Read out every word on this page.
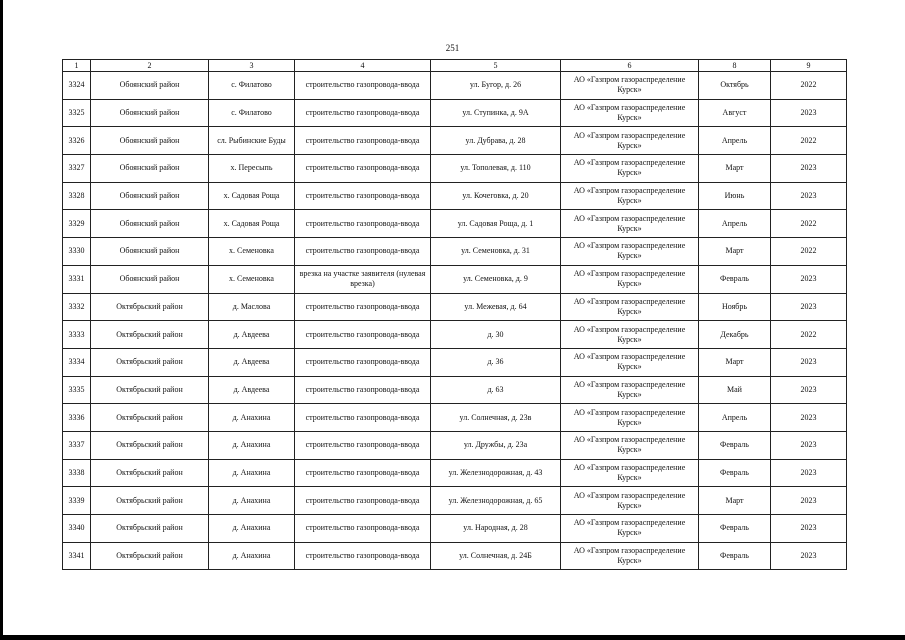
251
1	2	3	4	5	6	8	9
3324	Обоянский район	с. Филатово	строительство газопровода-ввода	ул. Бугор, д. 26	АО «Газпром газораспределение Курск»	Октябрь	2022
3325	Обоянский район	с. Филатово	строительство газопровода-ввода	ул. Ступинка, д. 9А	АО «Газпром газораспределение Курск»	Август	2023
3326	Обоянский район	сл. Рыбинские Буды	строительство газопровода-ввода	ул. Дубрава, д. 28	АО «Газпром газораспределение Курск»	Апрель	2022
3327	Обоянский район	х. Пересыпь	строительство газопровода-ввода	ул. Тополевая, д. 110	АО «Газпром газораспределение Курск»	Март	2023
3328	Обоянский район	х. Садовая Роща	строительство газопровода-ввода	ул. Кочеговка, д. 20	АО «Газпром газораспределение Курск»	Июнь	2023
3329	Обоянский район	х. Садовая Роща	строительство газопровода-ввода	ул. Садовая Роща, д. 1	АО «Газпром газораспределение Курск»	Апрель	2022
3330	Обоянский район	х. Семеновка	строительство газопровода-ввода	ул. Семеновка, д. 31	АО «Газпром газораспределение Курск»	Март	2022
3331	Обоянский район	х. Семеновка	врезка на участке заявителя (нулевая врезка)	ул. Семеновка, д. 9	АО «Газпром газораспределение Курск»	Февраль	2023
3332	Октябрьский район	д. Маслова	строительство газопровода-ввода	ул. Межевая, д. 64	АО «Газпром газораспределение Курск»	Ноябрь	2023
3333	Октябрьский район	д. Авдеева	строительство газопровода-ввода	д. 30	АО «Газпром газораспределение Курск»	Декабрь	2022
3334	Октябрьский район	д. Авдеева	строительство газопровода-ввода	д. 36	АО «Газпром газораспределение Курск»	Март	2023
3335	Октябрьский район	д. Авдеева	строительство газопровода-ввода	д. 63	АО «Газпром газораспределение Курск»	Май	2023
3336	Октябрьский район	д. Анахина	строительство газопровода-ввода	ул. Солнечная, д. 23в	АО «Газпром газораспределение Курск»	Апрель	2023
3337	Октябрьский район	д. Анахина	строительство газопровода-ввода	ул. Дружбы, д. 23а	АО «Газпром газораспределение Курск»	Февраль	2023
3338	Октябрьский район	д. Анахина	строительство газопровода-ввода	ул. Железнодорожная, д. 43	АО «Газпром газораспределение Курск»	Февраль	2023
3339	Октябрьский район	д. Анахина	строительство газопровода-ввода	ул. Железнодорожная, д. 65	АО «Газпром газораспределение Курск»	Март	2023
3340	Октябрьский район	д. Анахина	строительство газопровода-ввода	ул. Народная, д. 28	АО «Газпром газораспределение Курск»	Февраль	2023
3341	Октябрьский район	д. Анахина	строительство газопровода-ввода	ул. Солнечная, д. 24Б	АО «Газпром газораспределение Курск»	Февраль	2023
